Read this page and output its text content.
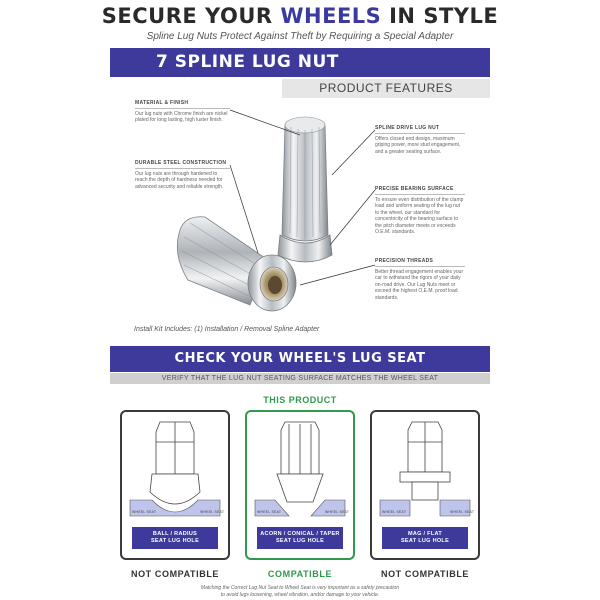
SECURE YOUR WHEELS IN STYLE
Spline Lug Nuts Protect Against Theft by Requiring a Special Adapter
7 SPLINE LUG NUT
PRODUCT FEATURES
MATERIAL & FINISH
Our lug nuts with Chrome finish are nickel plated for long lasting, high luster finish.
DURABLE STEEL CONSTRUCTION
Our lug nuts are through hardened to reach the depth of hardness needed for advanced security and reliable strength.
SPLINE DRIVE LUG NUT
Offers closed end design, maximum griping power, more stud engagement, and a greater seating surface.
PRECISE BEARING SURFACE
To ensure even distribution of the clamp load and uniform seating of the lug nut to the wheel, our standard for concentricity of the bearing surface to the pitch diameter meets or exceeds O.E.M. standards.
PRECISION THREADS
Better thread engagement enables your car to withstand the rigors of your daily on-road drive. Our Lug Nuts meet or exceed the highest O.E.M. proof load standards.
Install Kit Includes: (1) Installation / Removal Spline Adapter
CHECK YOUR WHEEL'S LUG SEAT
VERIFY THAT THE LUG NUT SEATING SURFACE MATCHES THE WHEEL SEAT
THIS PRODUCT
WHEEL SEAT	WHEEL SEAT
BALL / RADIUS
SEAT LUG HOLE
WHEEL SEAT	WHEEL SEAT
ACORN / CONICAL / TAPER
SEAT LUG HOLE
WHEEL SEAT	WHEEL SEAT
MAG / FLAT
SEAT LUG HOLE
NOT COMPATIBLE	COMPATIBLE	NOT COMPATIBLE
Matching the Correct Lug Nut Seat to Wheel Seat is very important as a safety precaution
to avoid lugs loosening, wheel vibration, and/or damage to your vehicle.
